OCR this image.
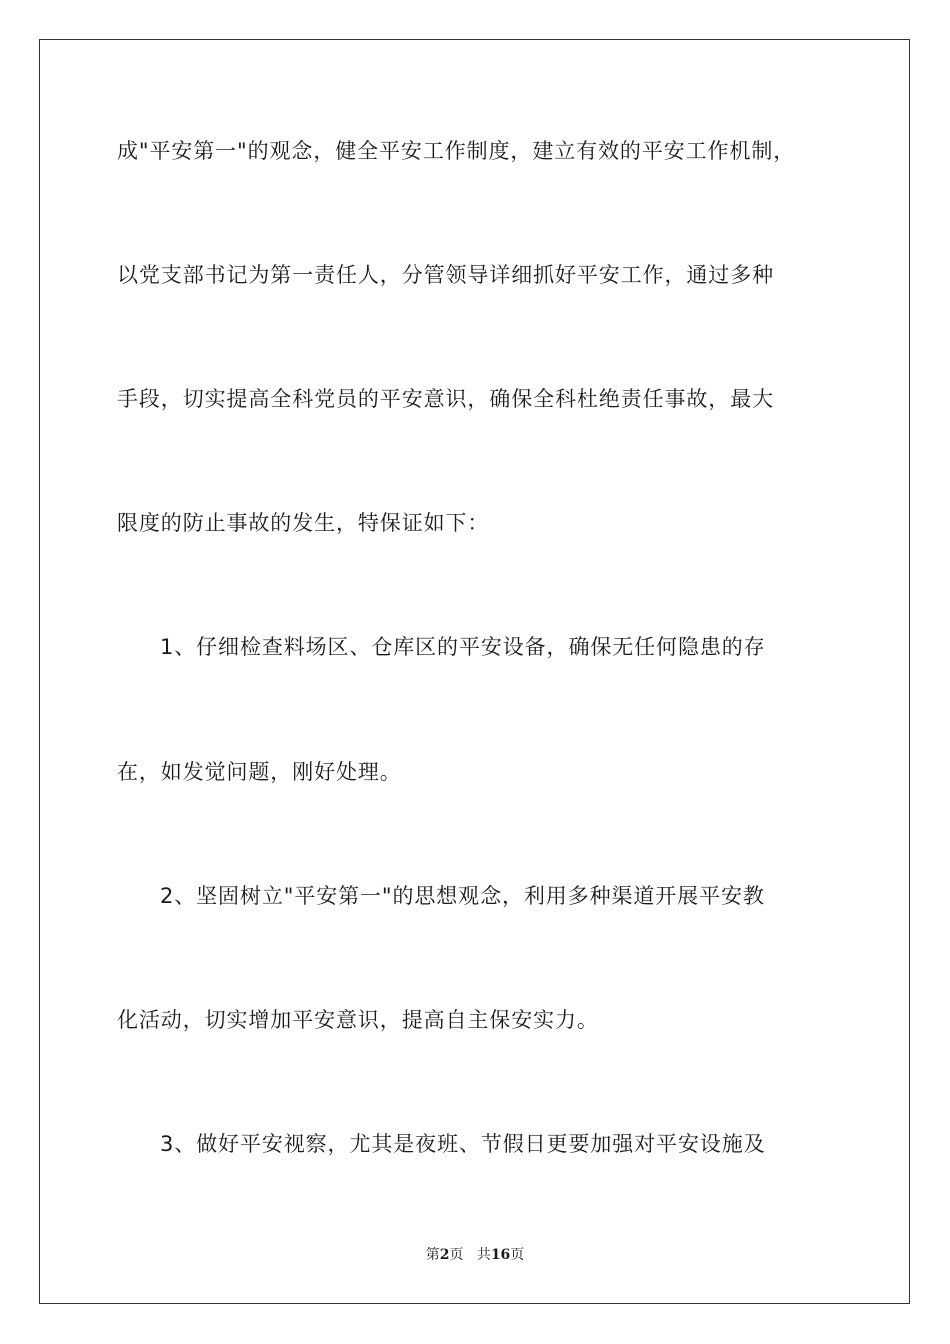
成"平安第一"的观念，健全平安工作制度，建立有效的平安工作机制，
以党支部书记为第一责任人，分管领导详细抓好平安工作，通过多种
手段，切实提高全科党员的平安意识，确保全科杜绝责任事故，最大
限度的防止事故的发生，特保证如下：
1、仔细检查料场区、仓库区的平安设备，确保无任何隐患的存
在，如发觉问题，刚好处理。
2、坚固树立"平安第一"的思想观念，利用多种渠道开展平安教
化活动，切实增加平安意识，提高自主保安实力。
3、做好平安视察，尤其是夜班、节假日更要加强对平安设施及
第2页 共16页
